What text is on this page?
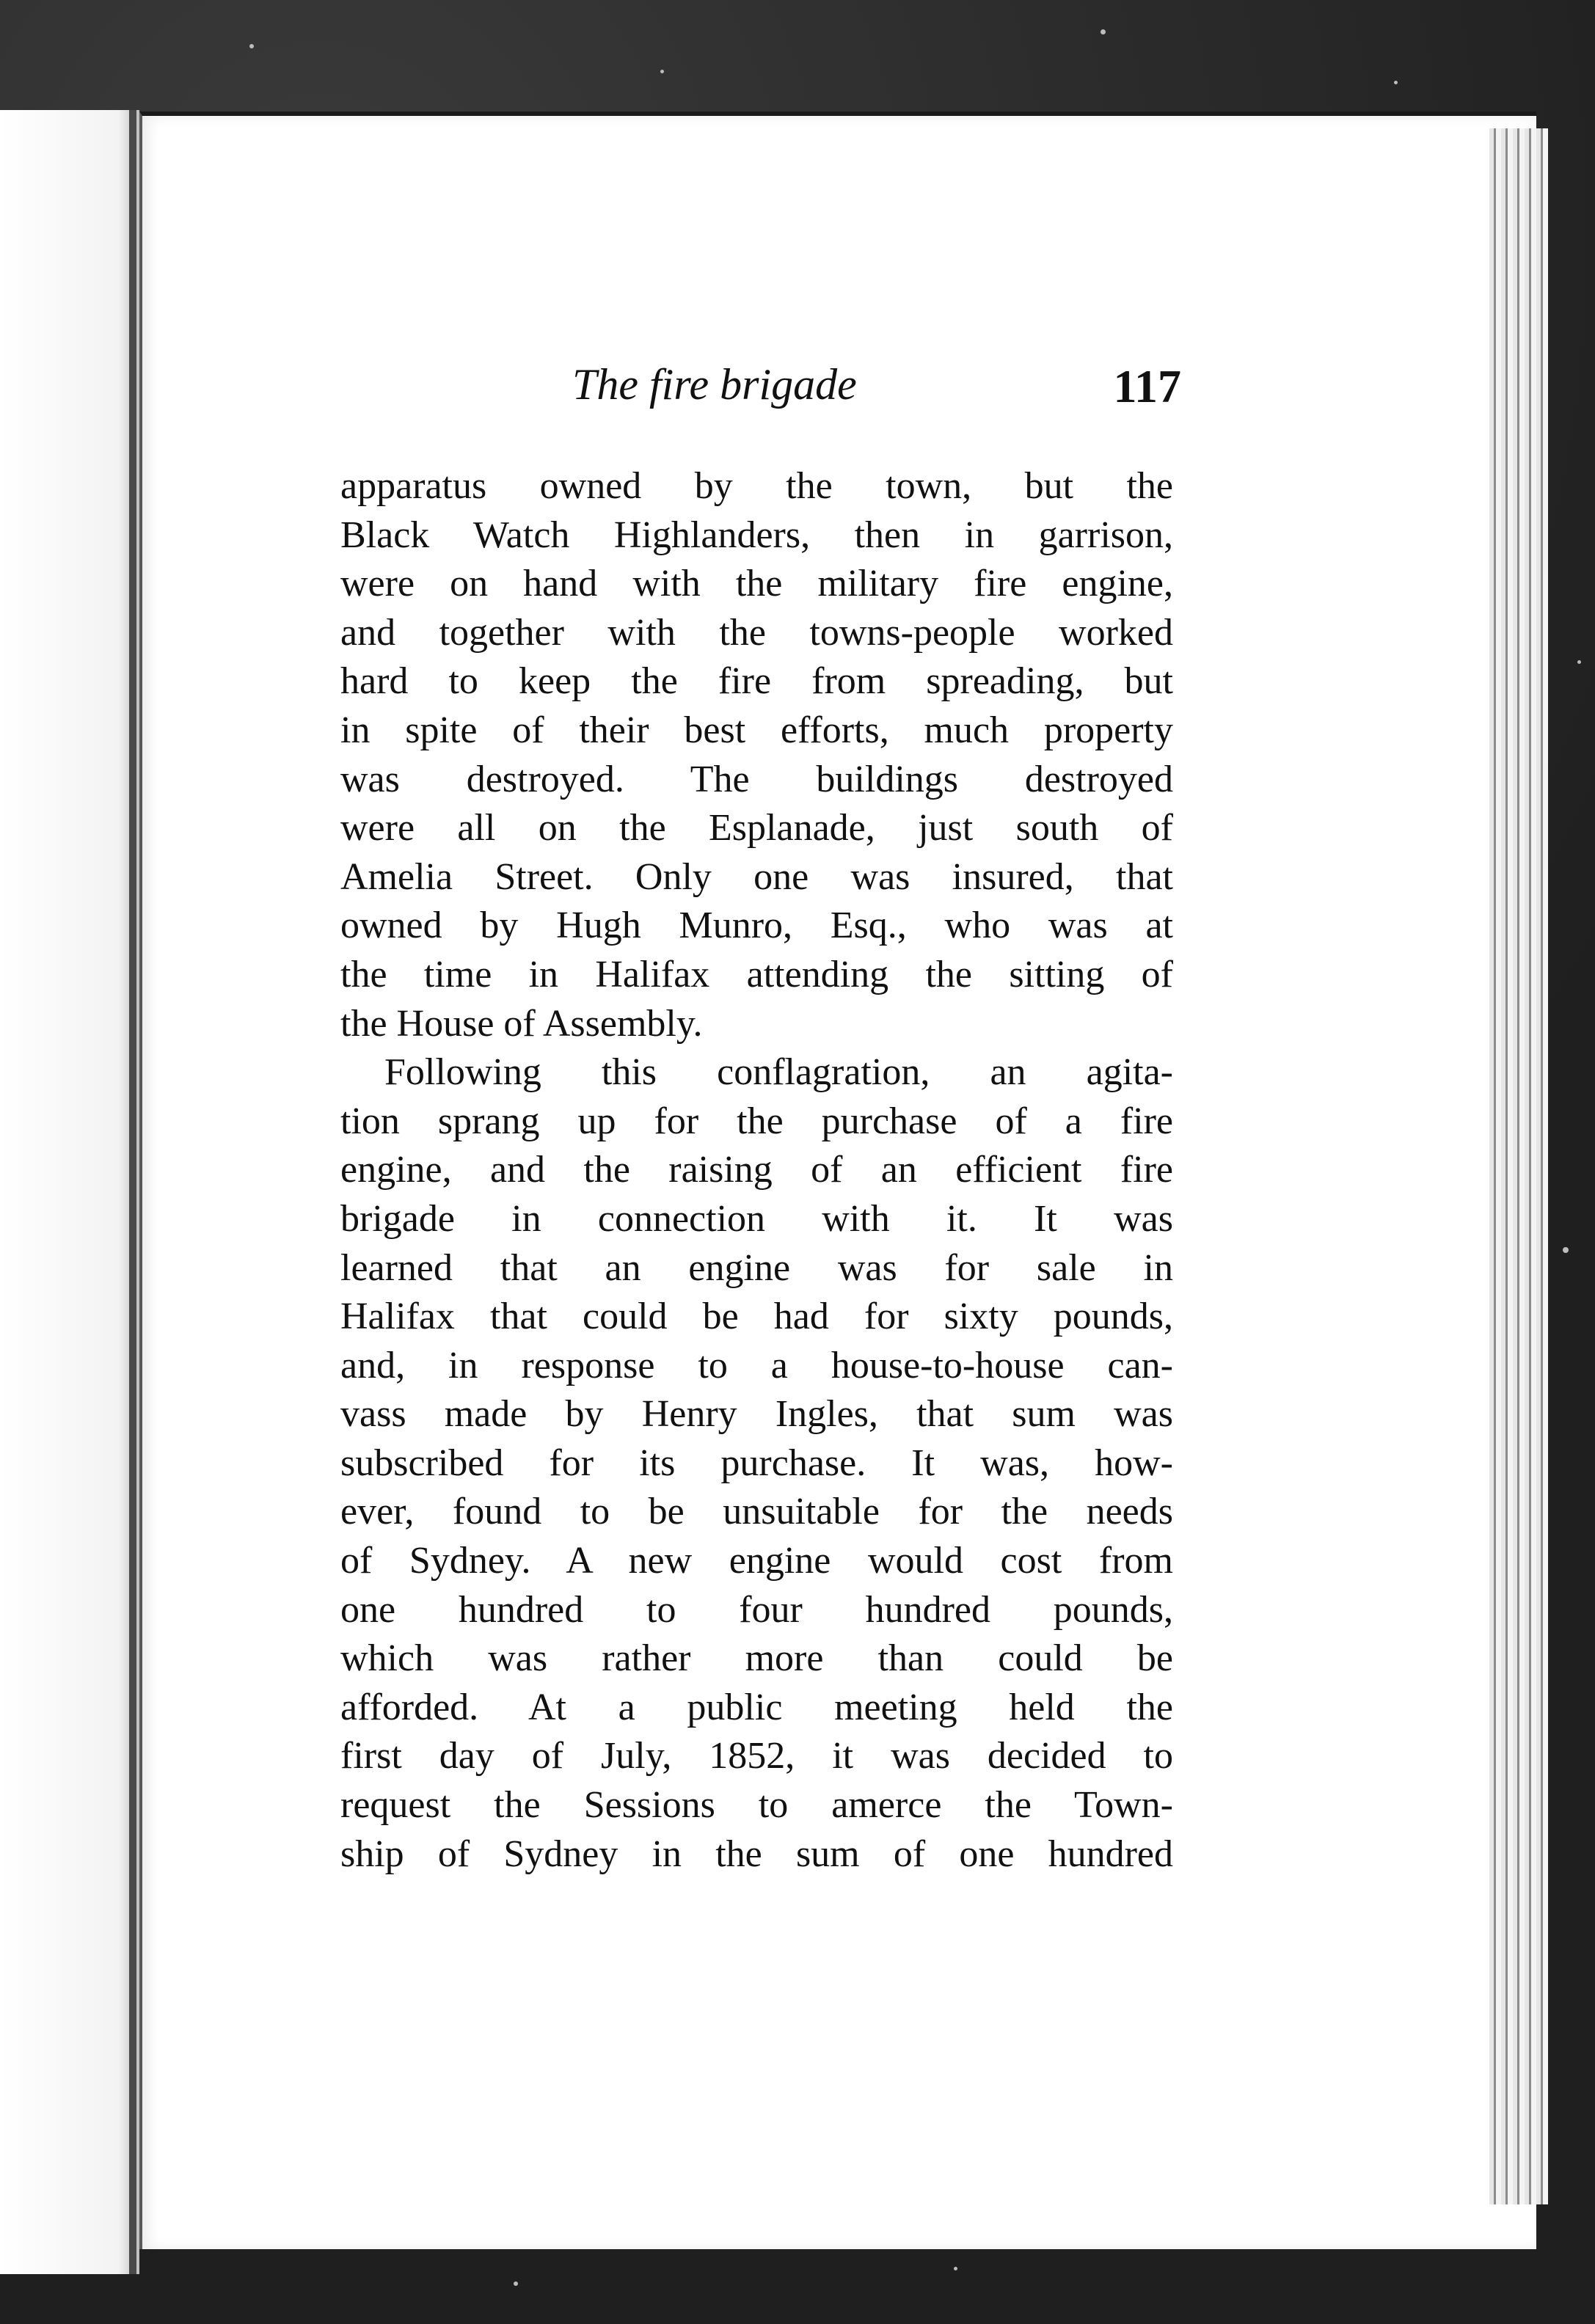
The fire brigade	117
apparatus owned by the town, but the
Black Watch Highlanders, then in garrison,
were on hand with the military fire engine,
and together with the towns-people worked
hard to keep the fire from spreading, but
in spite of their best efforts, much property
was destroyed. The buildings destroyed
were all on the Esplanade, just south of
Amelia Street. Only one was insured, that
owned by Hugh Munro, Esq., who was at
the time in Halifax attending the sitting of
the House of Assembly.
Following this conflagration, an agita-
tion sprang up for the purchase of a fire
engine, and the raising of an efficient fire
brigade in connection with it. It was
learned that an engine was for sale in
Halifax that could be had for sixty pounds,
and, in response to a house-to-house can-
vass made by Henry Ingles, that sum was
subscribed for its purchase. It was, how-
ever, found to be unsuitable for the needs
of Sydney. A new engine would cost from
one hundred to four hundred pounds,
which was rather more than could be
afforded. At a public meeting held the
first day of July, 1852, it was decided to
request the Sessions to amerce the Town-
ship of Sydney in the sum of one hundred
